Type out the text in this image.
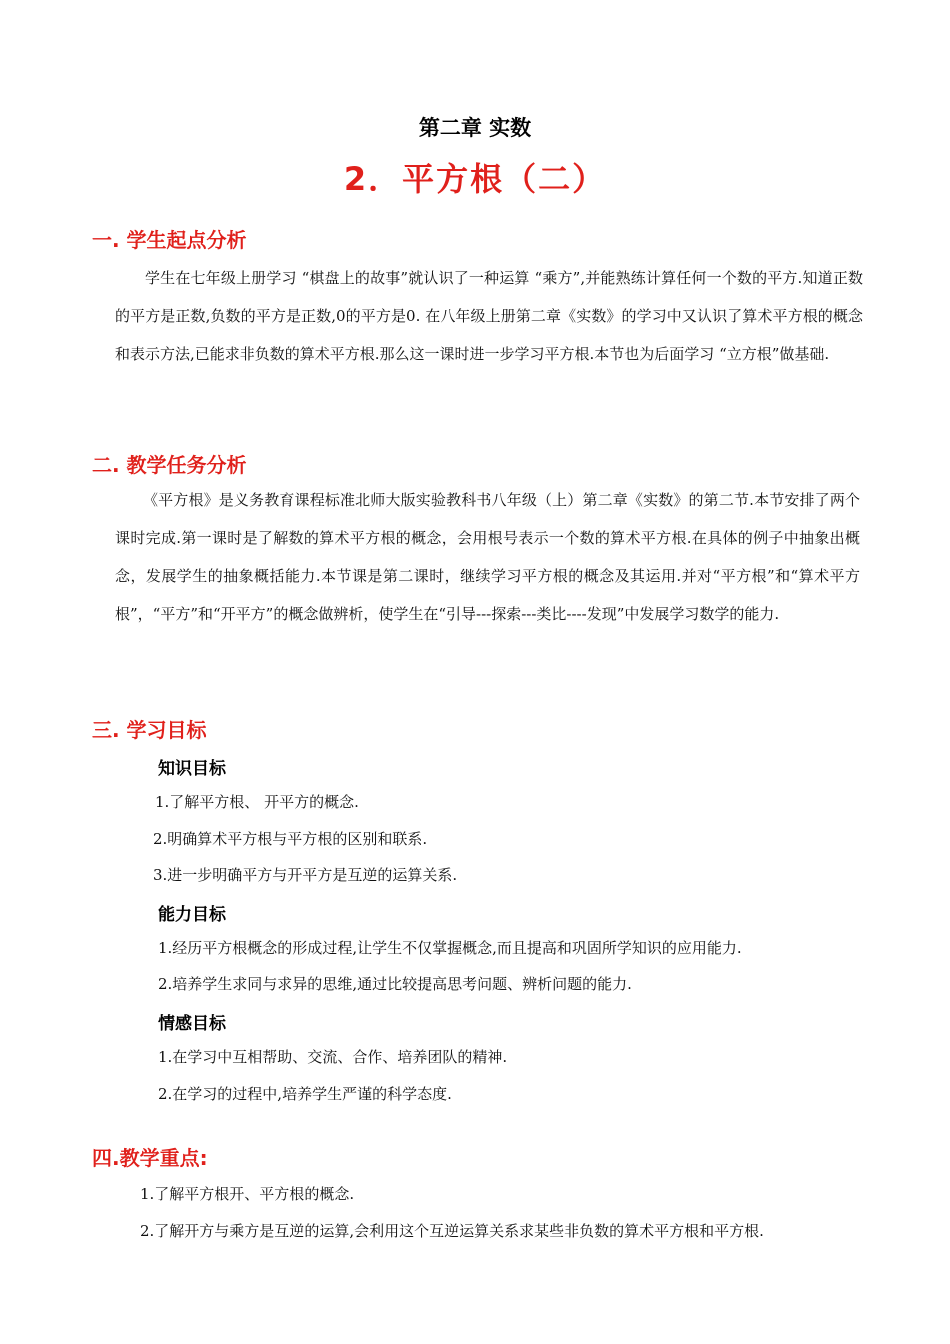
第二章 实数
2．平方根（二）
一. 学生起点分析

学生在七年级上册学习 “棋盘上的故事”就认识了一种运算 “乘方”,并能熟练计算任何一个数的平方.知道正数的平方是正数,负数的平方是正数,0的平方是0. 在八年级上册第二章《实数》的学习中又认识了算术平方根的概念和表示方法,已能求非负数的算术平方根.那么这一课时进一步学习平方根.本节也为后面学习 “立方根”做基础.

二. 教学任务分析

《平方根》是义务教育课程标准北师大版实验教科书八年级（上）第二章《实数》的第二节.本节安排了两个课时完成.第一课时是了解数的算术平方根的概念，会用根号表示一个数的算术平方根.在具体的例子中抽象出概念，发展学生的抽象概括能力.本节课是第二课时，继续学习平方根的概念及其运用.并对“平方根”和“算术平方根”，“平方”和“开平方”的概念做辨析，使学生在“引导---探索---类比----发现”中发展学习数学的能力.

三. 学习目标
知识目标
1.了解平方根、 开平方的概念.
2.明确算术平方根与平方根的区别和联系.
3.进一步明确平方与开平方是互逆的运算关系.
能力目标
1.经历平方根概念的形成过程,让学生不仅掌握概念,而且提高和巩固所学知识的应用能力.
2.培养学生求同与求异的思维,通过比较提高思考问题、辨析问题的能力.
情感目标
1.在学习中互相帮助、交流、合作、培养团队的精神.
2.在学习的过程中,培养学生严谨的科学态度.
四.教学重点:
1.了解平方根开、平方根的概念.
2.了解开方与乘方是互逆的运算,会利用这个互逆运算关系求某些非负数的算术平方根和平方根.
